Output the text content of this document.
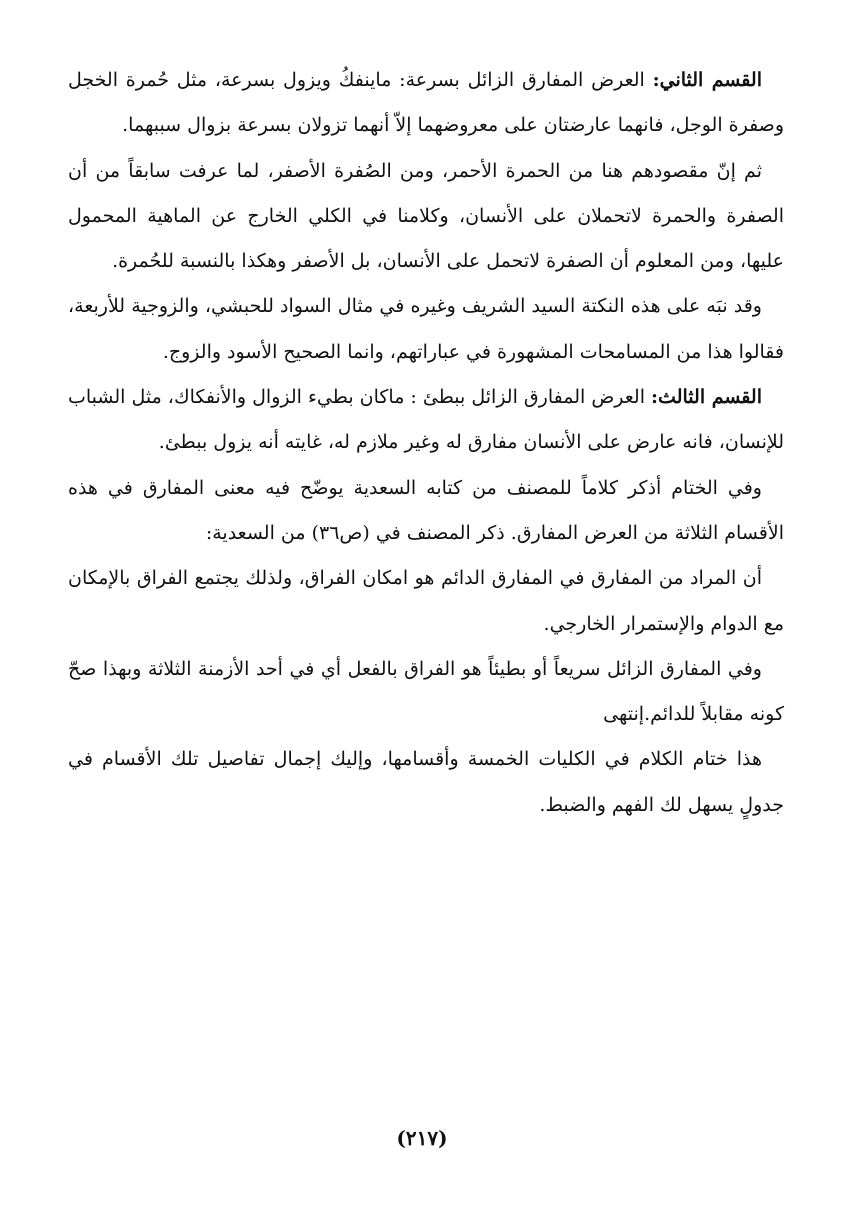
القسم الثاني: العرض المفارق الزائل بسرعة: ماينفكُ ويزول بسرعة، مثل حُمرة الخجل وصفرة الوجل، فانهما عارضتان على معروضهما إلاّ أنهما تزولان بسرعة بزوال سببهما.

ثم إنّ مقصودهم هنا من الحمرة الأحمر، ومن الصُفرة الأصفر، لما عرفت سابقاً من أن الصفرة والحمرة لاتحملان على الأنسان، وكلامنا في الكلي الخارج عن الماهية المحمول عليها، ومن المعلوم أن الصفرة لاتحمل على الأنسان، بل الأصفر وهكذا بالنسبة للحُمرة.

وقد نبَه على هذه النكتة السيد الشريف وغيره في مثال السواد للحبشي، والزوجية للأربعة، فقالوا هذا من المسامحات المشهورة في عباراتهم، وانما الصحيح الأسود والزوج.

القسم الثالث: العرض المفارق الزائل ببطئ : ماكان بطيء الزوال والأنفكاك، مثل الشباب للإنسان، فانه عارض على الأنسان مفارق له وغير ملازم له، غايته أنه يزول ببطئ.

وفي الختام أذكر كلاماً للمصنف من كتابه السعدية يوضّح فيه معنى المفارق في هذه الأقسام الثلاثة من العرض المفارق. ذكر المصنف في (ص٣٦) من السعدية:

أن المراد من المفارق في المفارق الدائم هو امكان الفراق، ولذلك يجتمع الفراق بالإمكان مع الدوام والإستمرار الخارجي.

وفي المفارق الزائل سريعاً أو بطيئاً هو الفراق بالفعل أي في أحد الأزمنة الثلاثة وبهذا صحّ كونه مقابلاً للدائم.إنتهى

هذا ختام الكلام في الكليات الخمسة وأقسامها، وإليك إجمال تفاصيل تلك الأقسام في جدولٍ يسهل لك الفهم والضبط.

(٢١٧)
